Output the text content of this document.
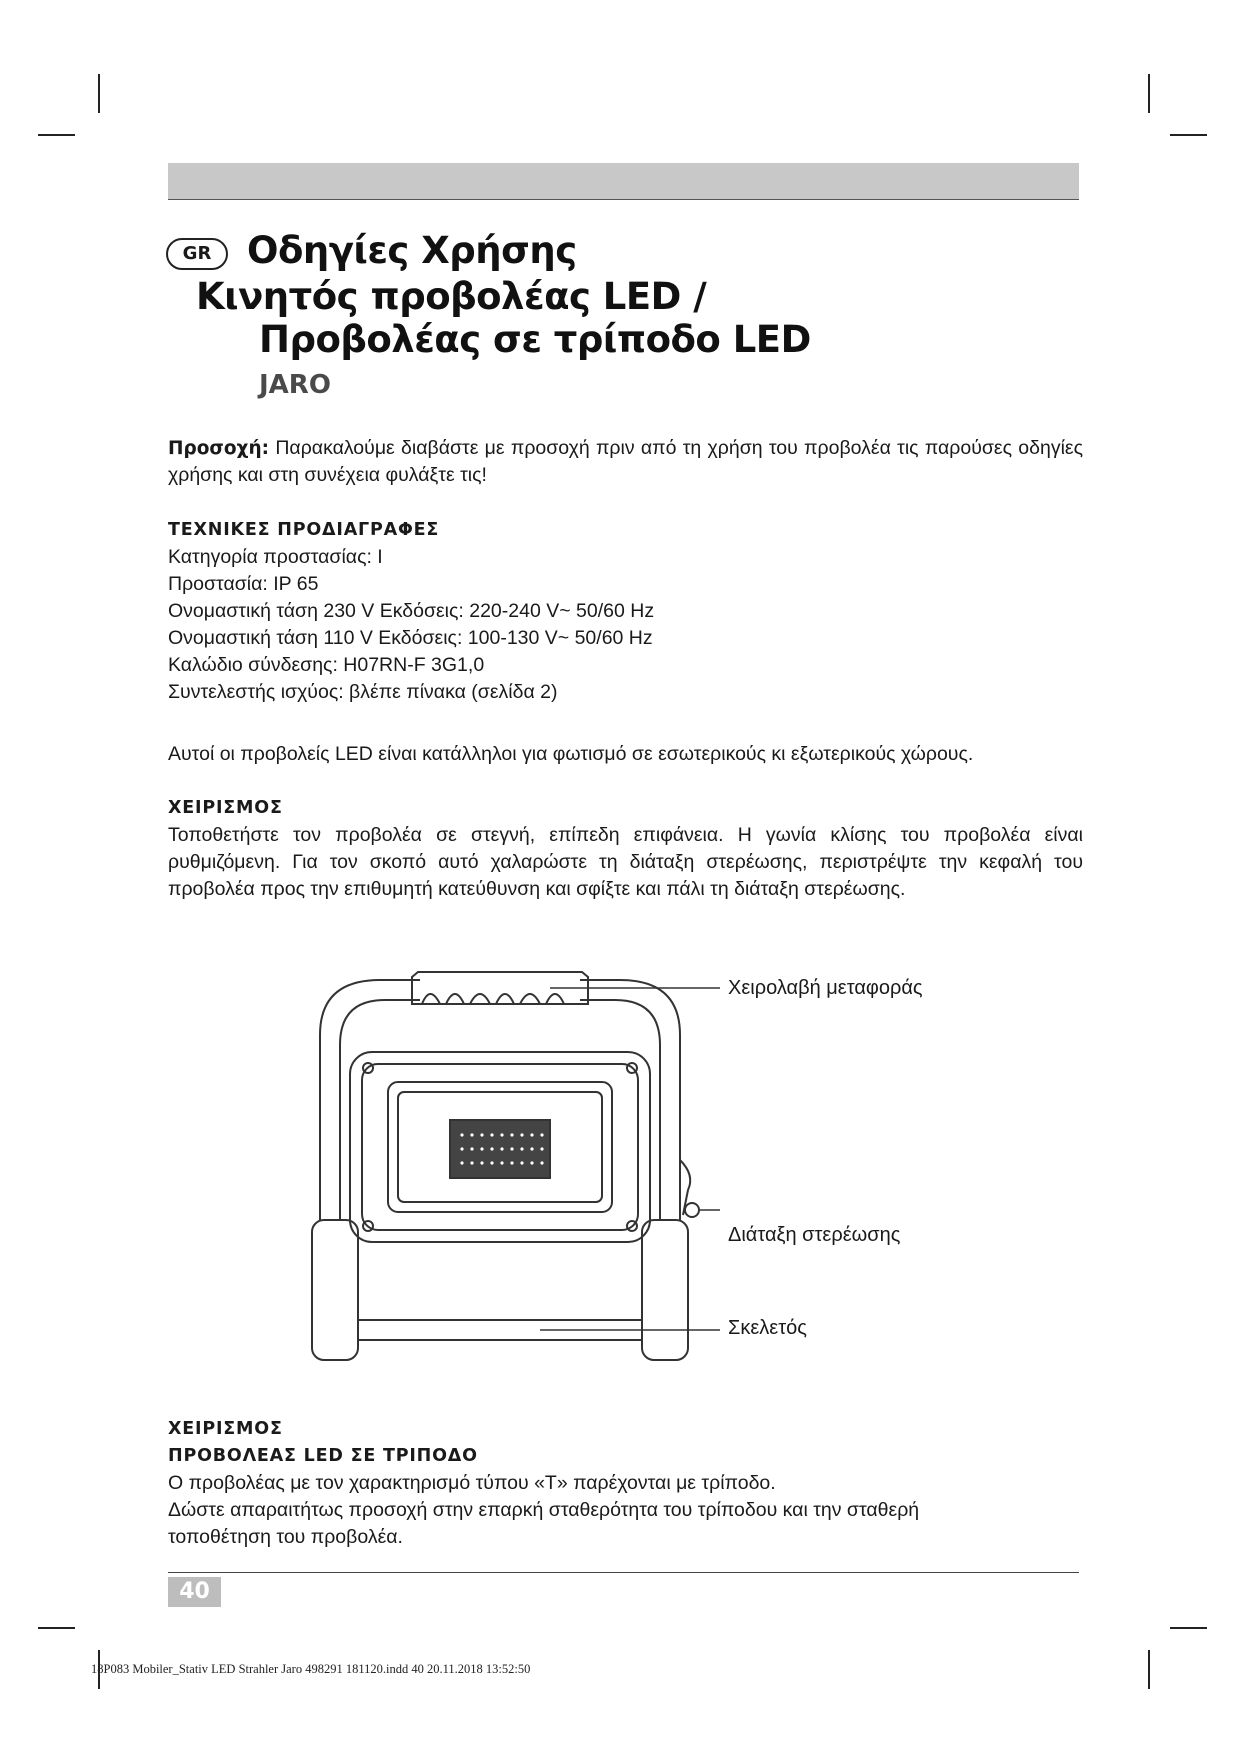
GR Οδηγίες Χρήσης
Κινητός προβολέας LED /
Προβολέας σε τρίποδο LED
JARO
Προσοχή: Παρακαλούμε διαβάστε με προσοχή πριν από τη χρήση του προβολέα τις παρούσες οδηγίες χρήσης και στη συνέχεια φυλάξτε τις!
ΤΕΧΝΙΚΕΣ ΠΡΟΔΙΑΓΡΑΦΕΣ
Κατηγορία προστασίας: I
Προστασία: IP 65
Ονομαστική τάση 230 V Εκδόσεις: 220-240 V~ 50/60 Hz
Ονομαστική τάση 110 V Εκδόσεις: 100-130 V~ 50/60 Hz
Καλώδιο σύνδεσης: H07RN-F 3G1,0
Συντελεστής ισχύος: βλέπε πίνακα (σελίδα 2)
Αυτοί οι προβολείς LED είναι κατάλληλοι για φωτισμό σε εσωτερικούς κι εξωτερικούς χώρους.
ΧΕΙΡΙΣΜΟΣ
Τοποθετήστε τον προβολέα σε στεγνή, επίπεδη επιφάνεια. Η γωνία κλίσης του προβολέα είναι ρυθμιζόμενη. Για τον σκοπό αυτό χαλαρώστε τη διάταξη στερέωσης, περιστρέψτε την κεφαλή του προβολέα προς την επιθυμητή κατεύθυνση και σφίξτε και πάλι τη διάταξη στερέωσης.
Χειρολαβή μεταφοράς
Διάταξη στερέωσης
Σκελετός
ΧΕΙΡΙΣΜΟΣ
ΠΡΟΒΟΛΕΑΣ LED ΣΕ ΤΡΙΠΟΔΟ
Ο προβολέας με τον χαρακτηρισμό τύπου «T» παρέχονται με τρίποδο.
Δώστε απαραιτήτως προσοχή στην επαρκή σταθερότητα του τρίποδου και την σταθερή τοποθέτηση του προβολέα.
40
18P083 Mobiler_Stativ LED Strahler Jaro 498291 181120.indd 40 20.11.2018 13:52:50
